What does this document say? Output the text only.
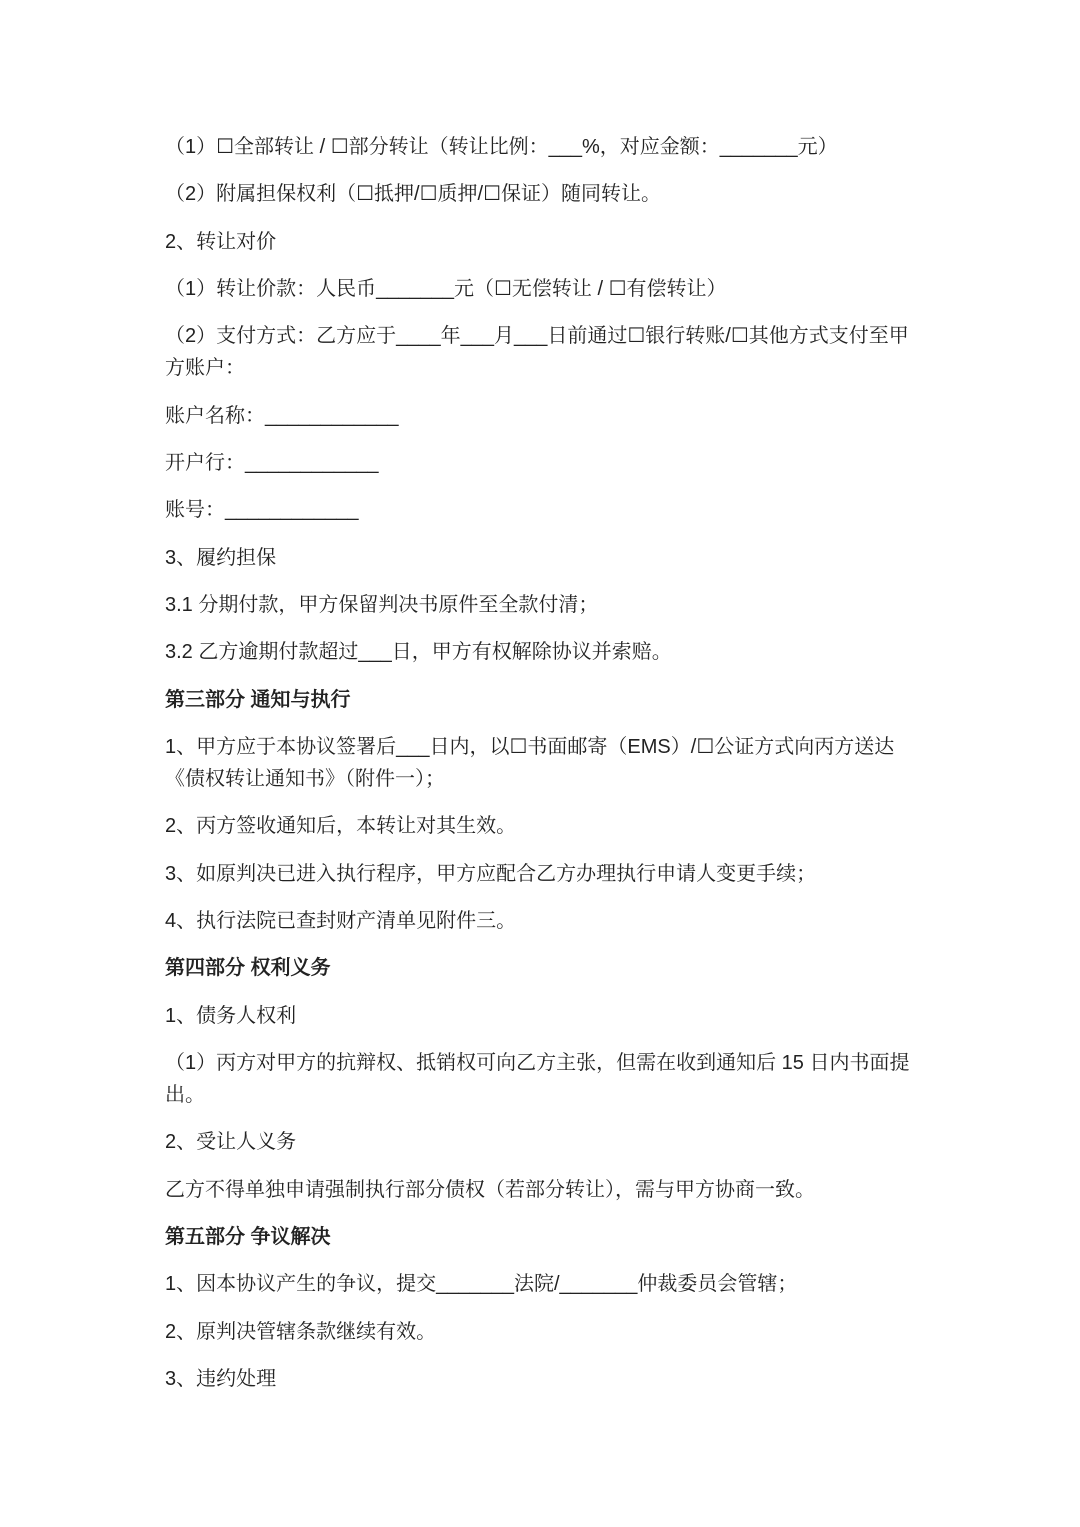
（1）☐全部转让 / ☐部分转让（转让比例：___%，对应金额：_______元）

（2）附属担保权利（☐抵押/☐质押/☐保证）随同转让。

2、转让对价

（1）转让价款：人民币_______元（☐无偿转让 / ☐有偿转让）

（2）支付方式：乙方应于____年___月___日前通过☐银行转账/☐其他方式支付至甲
方账户：

账户名称：____________

开户行：____________

账号：____________

3、履约担保

3.1 分期付款，甲方保留判决书原件至全款付清；

3.2 乙方逾期付款超过___日，甲方有权解除协议并索赔。

第三部分 通知与执行

1、甲方应于本协议签署后___日内，以☐书面邮寄（EMS）/☐公证方式向丙方送达
《债权转让通知书》（附件一）；

2、丙方签收通知后，本转让对其生效。

3、如原判决已进入执行程序，甲方应配合乙方办理执行申请人变更手续；

4、执行法院已查封财产清单见附件三。

第四部分 权利义务

1、债务人权利

（1）丙方对甲方的抗辩权、抵销权可向乙方主张，但需在收到通知后 15 日内书面提
出。

2、受让人义务

乙方不得单独申请强制执行部分债权（若部分转让），需与甲方协商一致。

第五部分 争议解决

1、因本协议产生的争议，提交_______法院/_______仲裁委员会管辖；

2、原判决管辖条款继续有效。

3、违约处理
